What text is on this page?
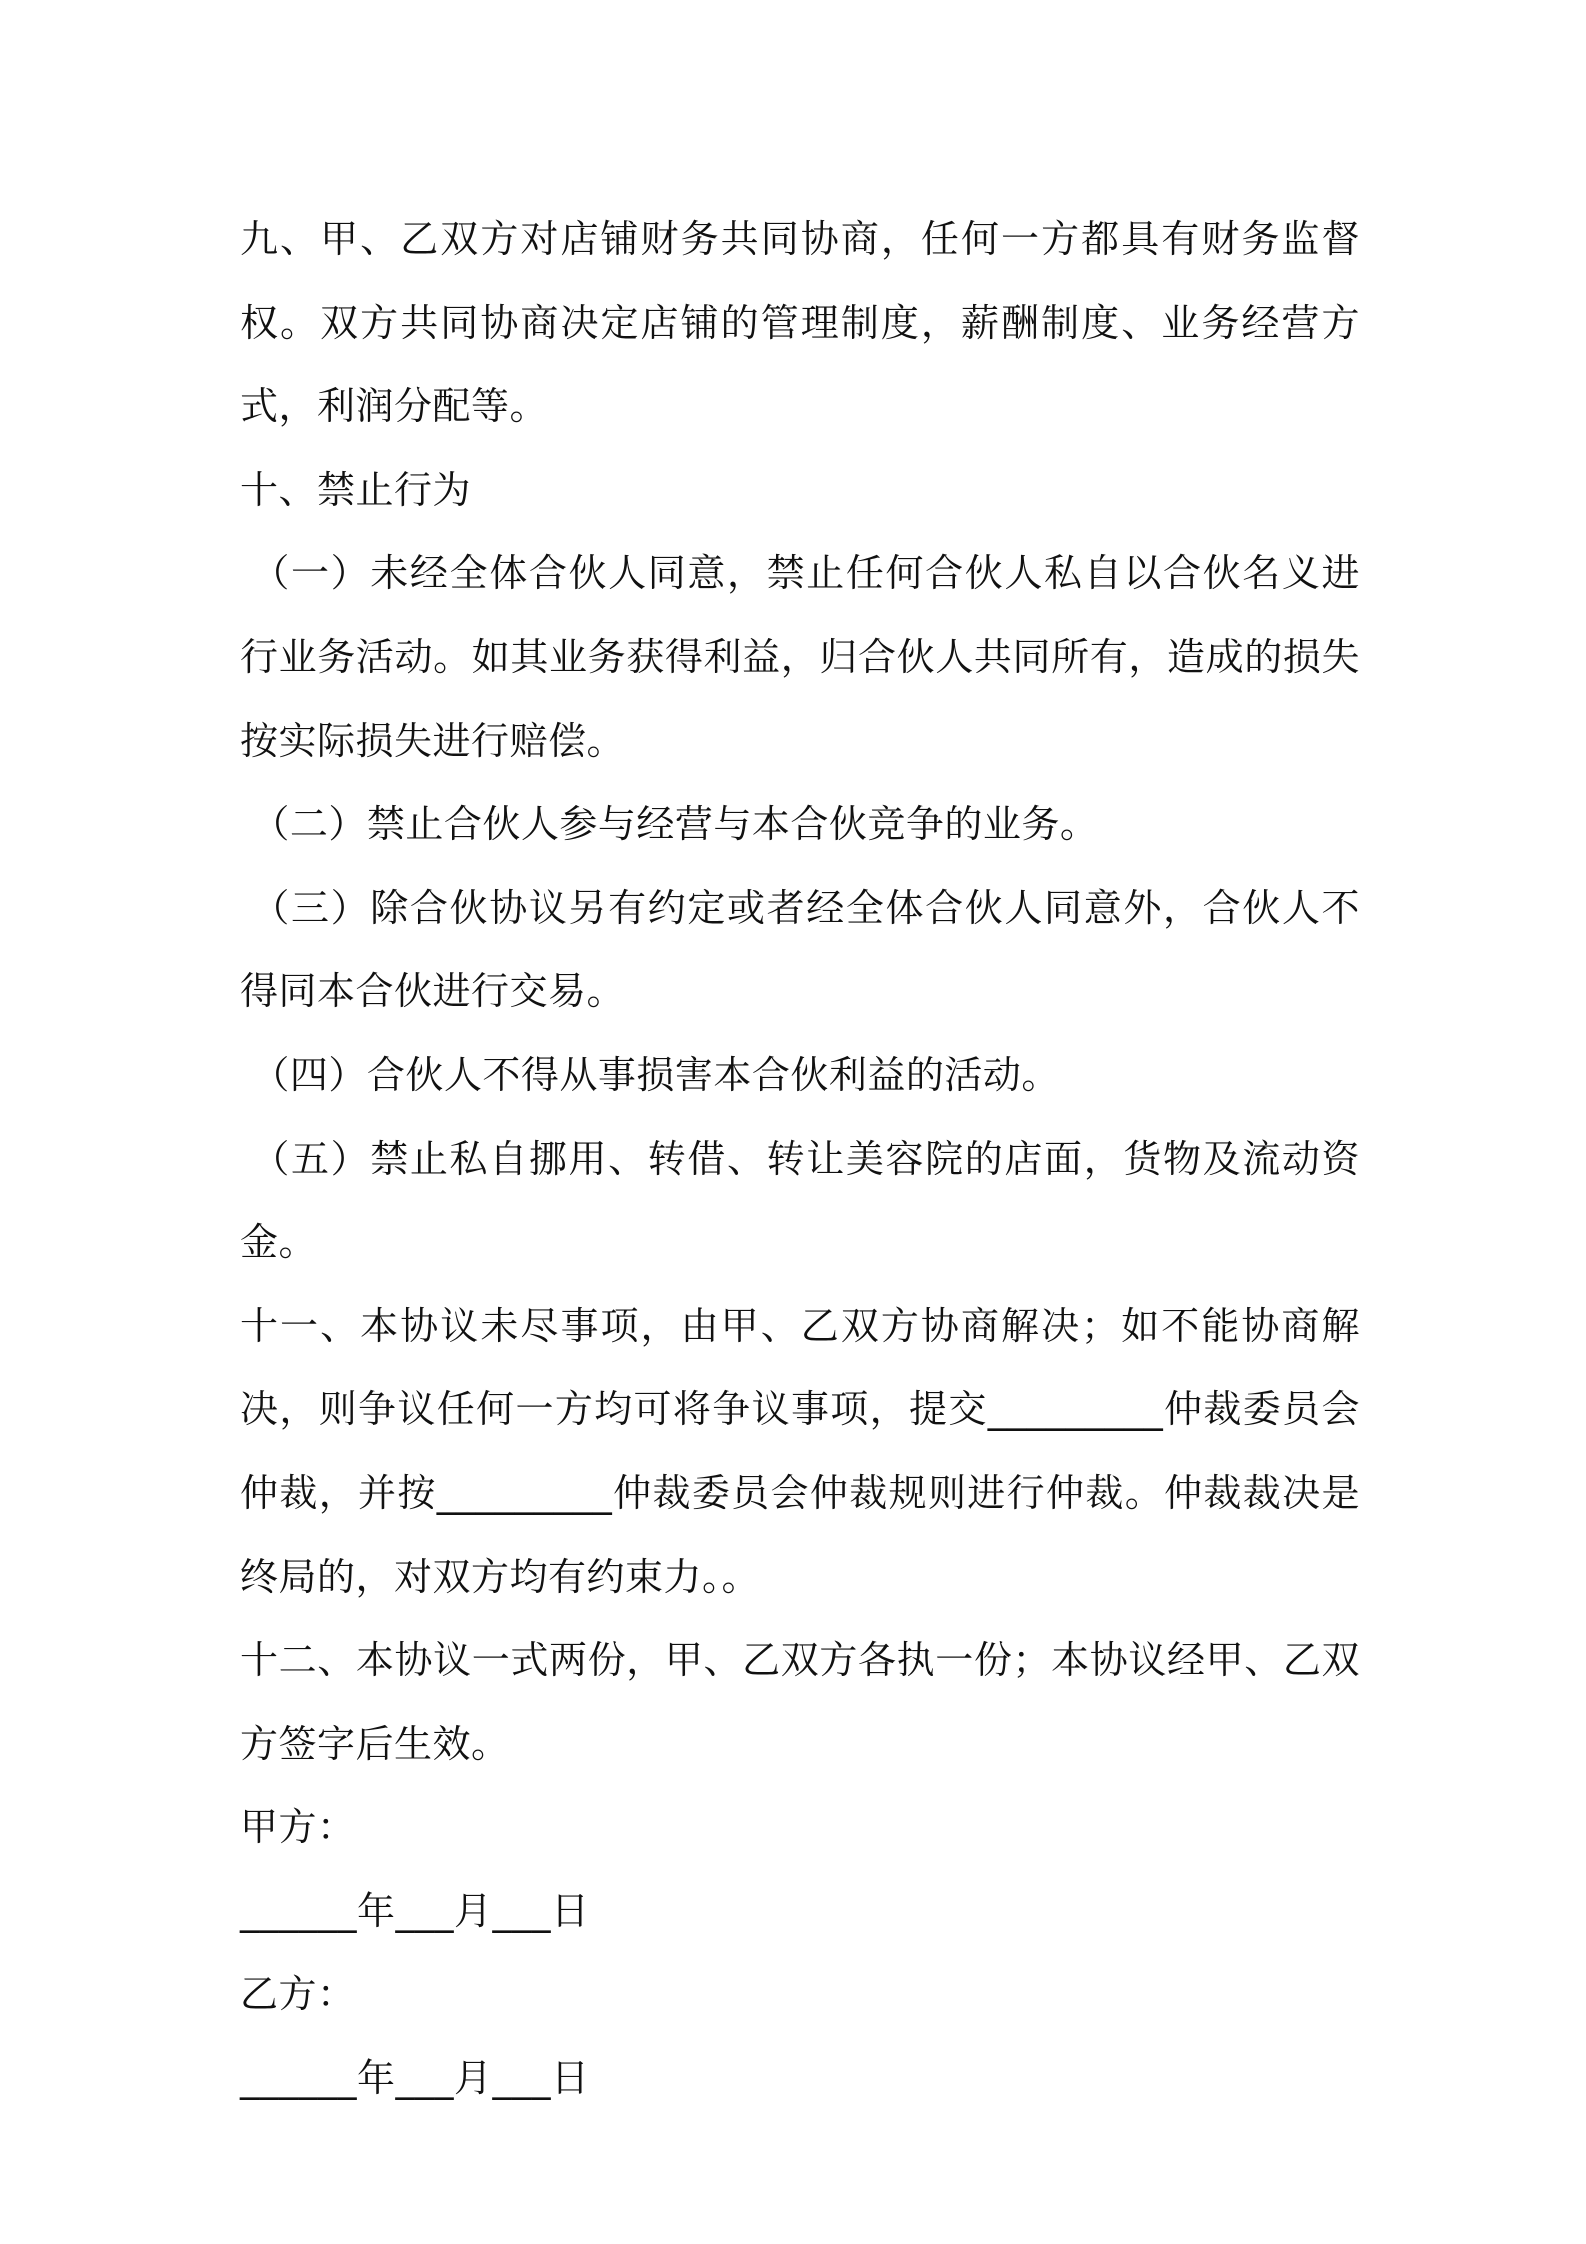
九、甲、乙双方对店铺财务共同协商，任何一方都具有财务监督权。双方共同协商决定店铺的管理制度，薪酬制度、业务经营方式，利润分配等。

十、禁止行为

（一）未经全体合伙人同意，禁止任何合伙人私自以合伙名义进行业务活动。如其业务获得利益，归合伙人共同所有，造成的损失按实际损失进行赔偿。

（二）禁止合伙人参与经营与本合伙竞争的业务。

（三）除合伙协议另有约定或者经全体合伙人同意外，合伙人不得同本合伙进行交易。

（四）合伙人不得从事损害本合伙利益的活动。

（五）禁止私自挪用、转借、转让美容院的店面，货物及流动资金。

十一、本协议未尽事项，由甲、乙双方协商解决；如不能协商解决，则争议任何一方均可将争议事项，提交_________仲裁委员会仲裁，并按_________仲裁委员会仲裁规则进行仲裁。仲裁裁决是终局的，对双方均有约束力。。

十二、本协议一式两份，甲、乙双方各执一份；本协议经甲、乙双方签字后生效。

甲方：

______年___月___日

乙方：

______年___月___日
